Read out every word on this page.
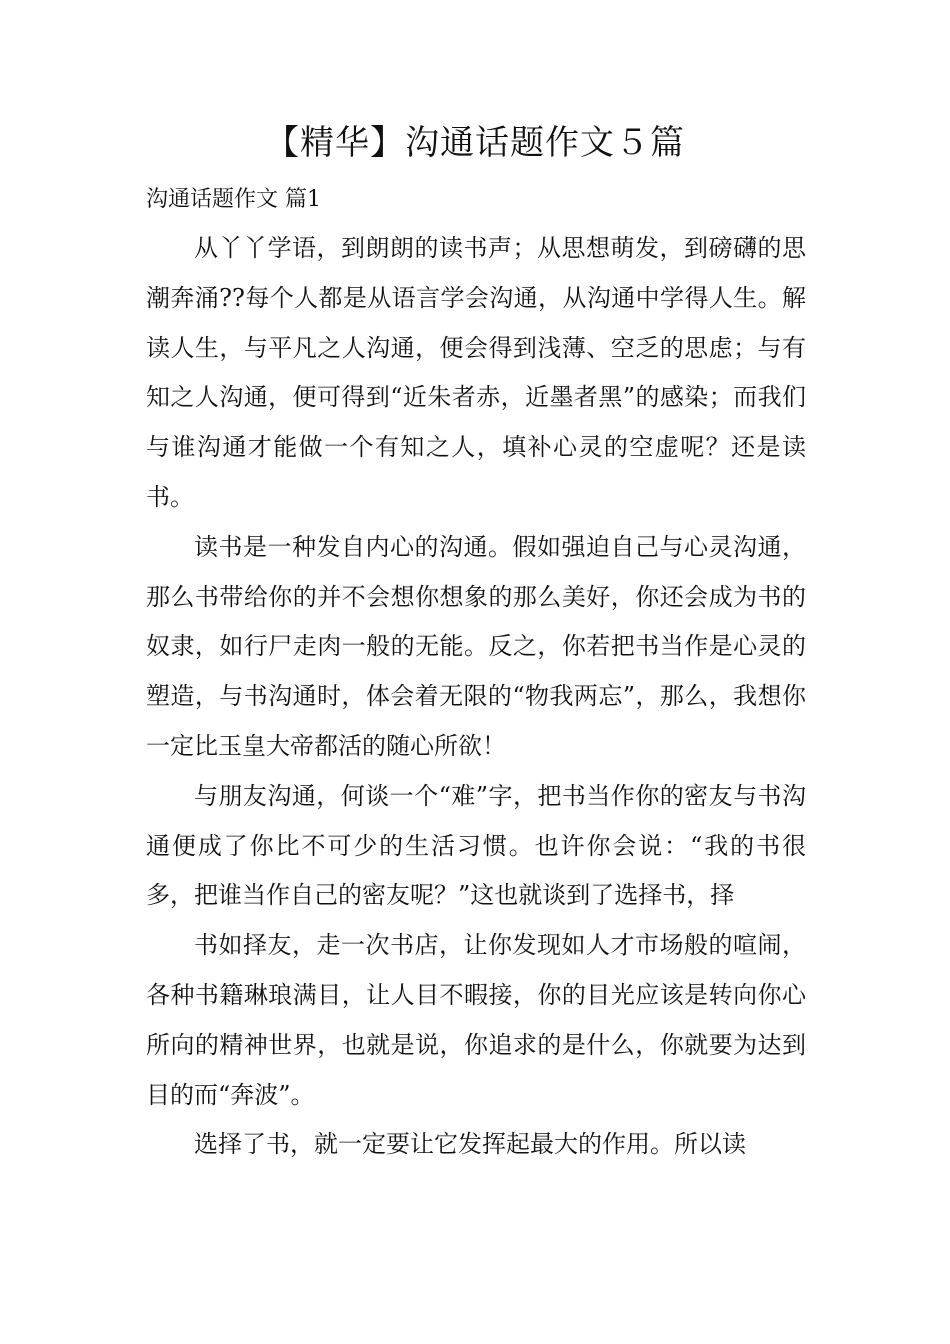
【精华】沟通话题作文５篇
沟通话题作文 篇1

从丫丫学语，到朗朗的读书声；从思想萌发，到磅礴的思潮奔涌??每个人都是从语言学会沟通，从沟通中学得人生。解读人生，与平凡之人沟通，便会得到浅薄、空乏的思虑；与有知之人沟通，便可得到“近朱者赤，近墨者黑”的感染；而我们与谁沟通才能做一个有知之人，填补心灵的空虚呢？还是读书。

读书是一种发自内心的沟通。假如强迫自己与心灵沟通，那么书带给你的并不会想你想象的那么美好，你还会成为书的奴隶，如行尸走肉一般的无能。反之，你若把书当作是心灵的塑造，与书沟通时，体会着无限的“物我两忘”，那么，我想你一定比玉皇大帝都活的随心所欲！

与朋友沟通，何谈一个“难”字，把书当作你的密友与书沟通便成了你比不可少的生活习惯。也许你会说：“我的书很多，把谁当作自己的密友呢？”这也就谈到了选择书，择

书如择友，走一次书店，让你发现如人才市场般的喧闹，各种书籍琳琅满目，让人目不暇接，你的目光应该是转向你心所向的精神世界，也就是说，你追求的是什么，你就要为达到目的而“奔波”。

选择了书，就一定要让它发挥起最大的作用。所以读
